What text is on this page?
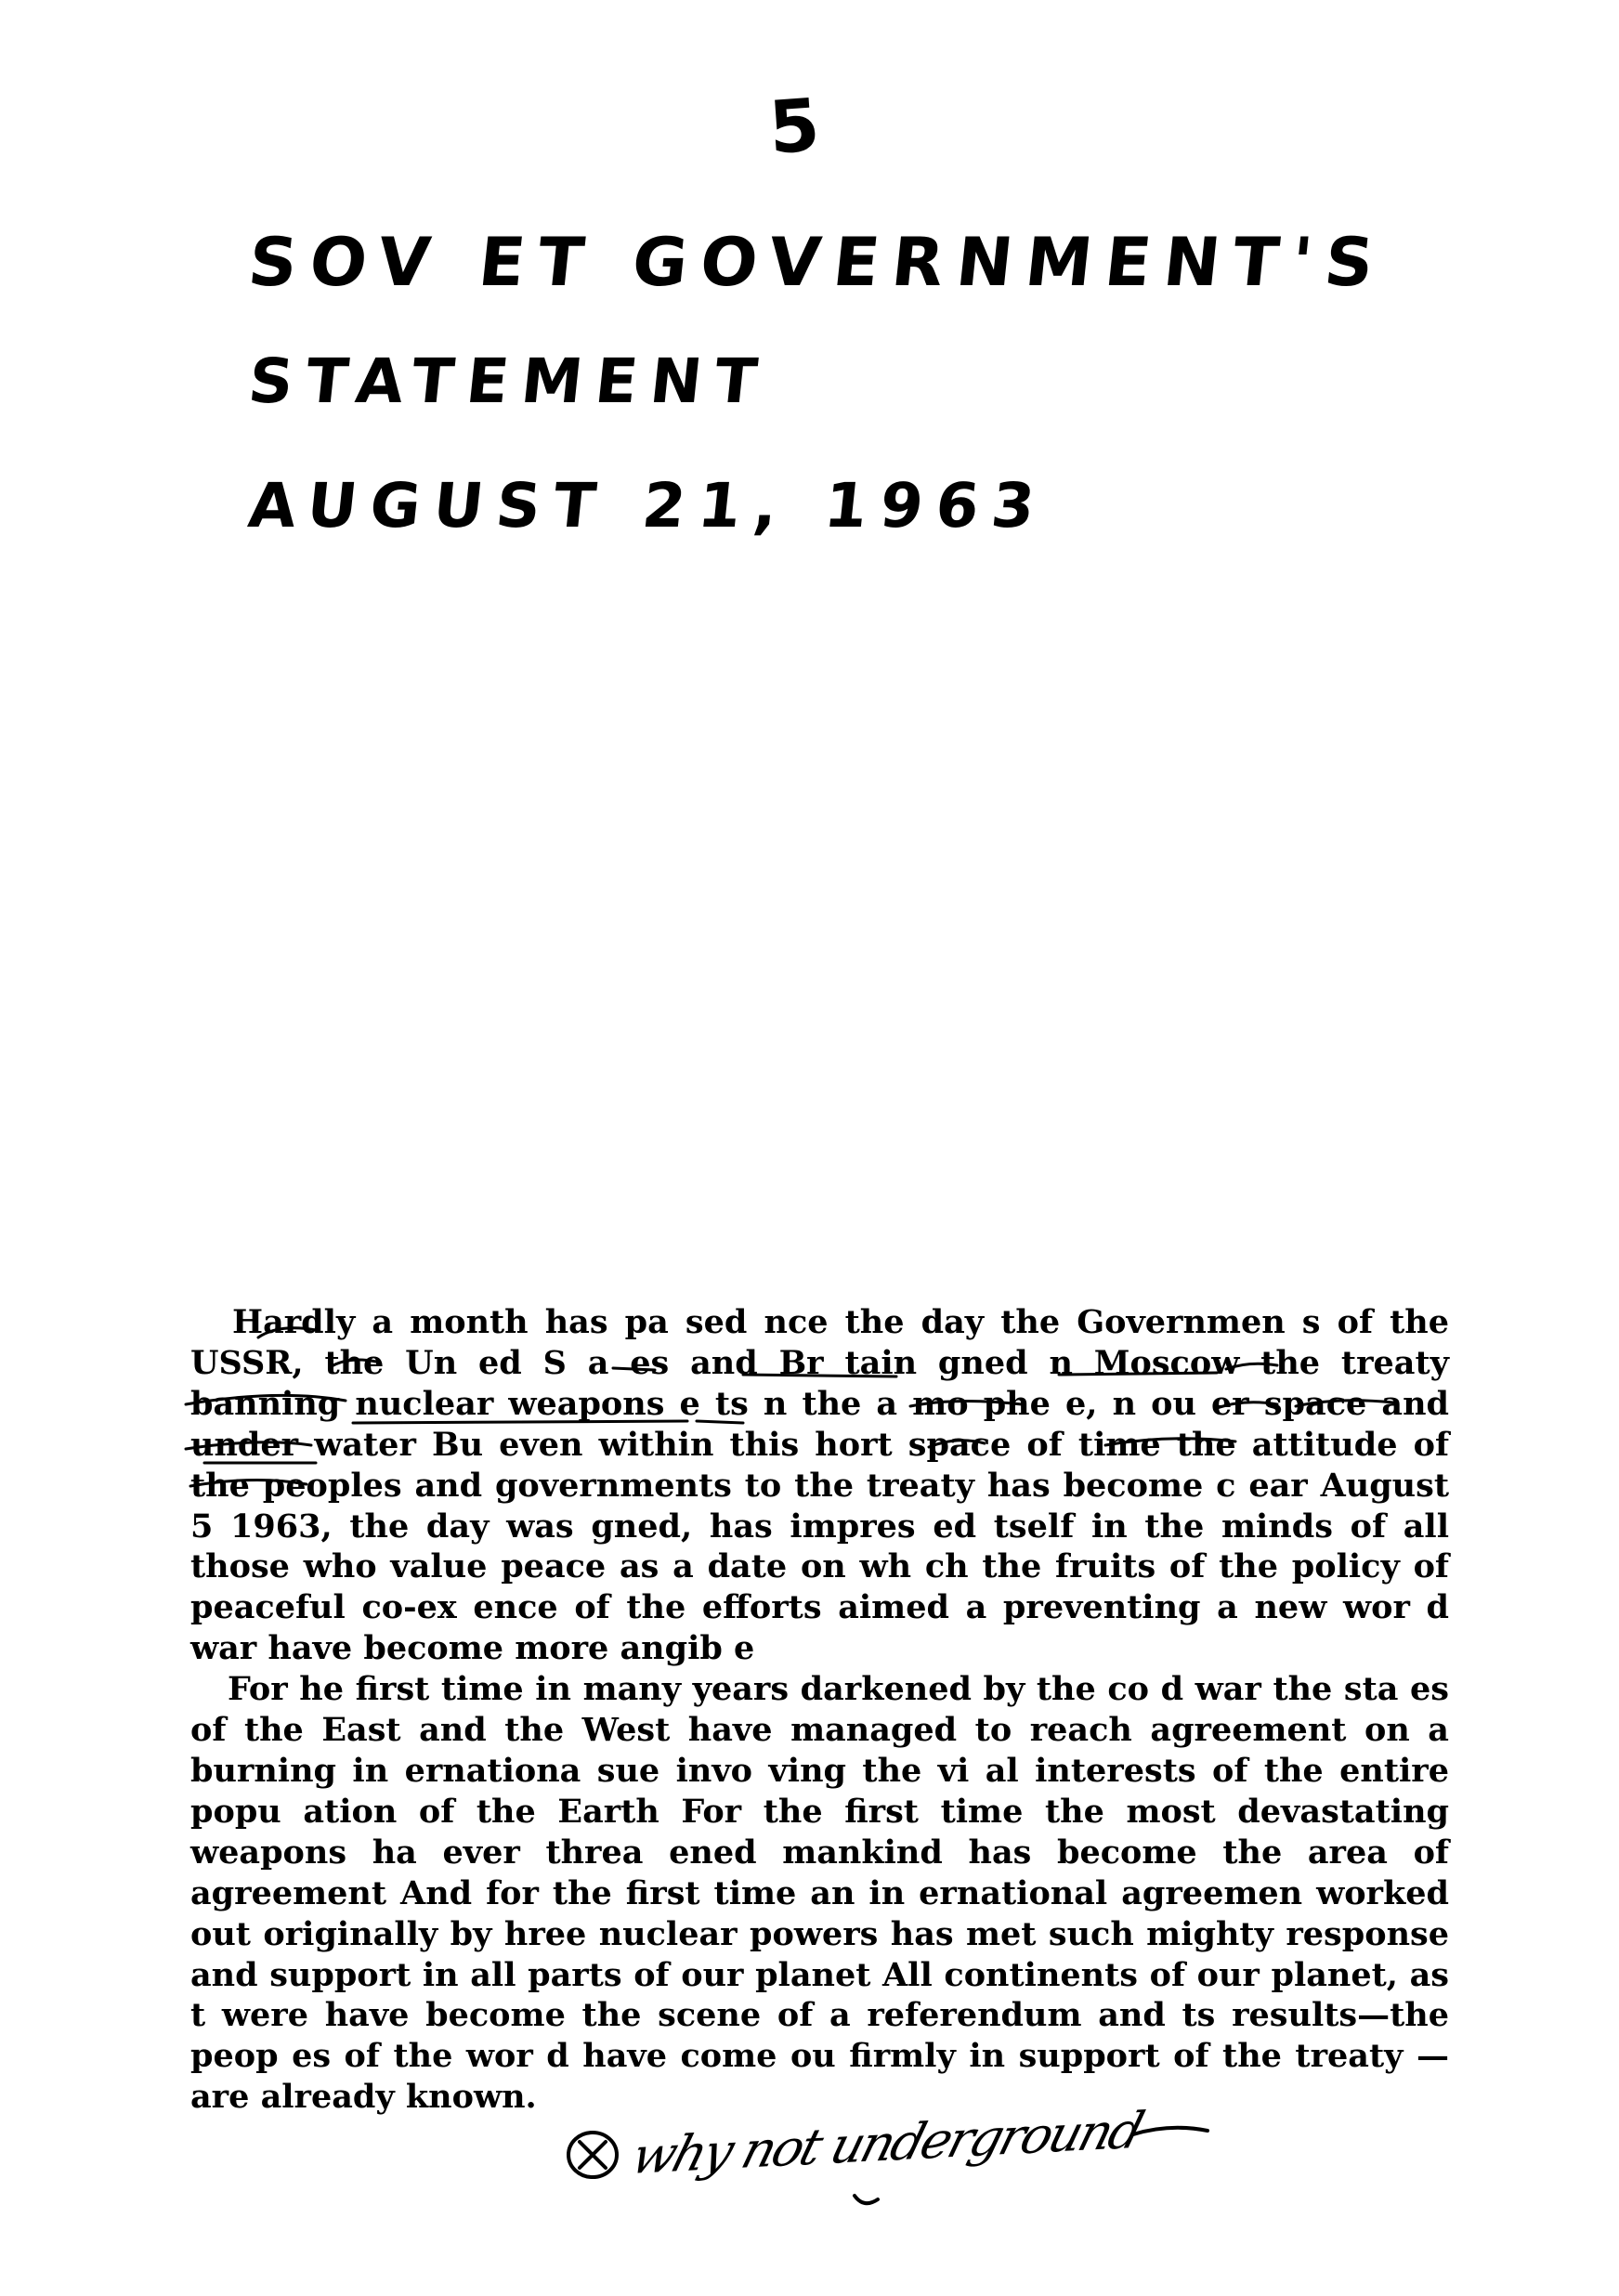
5
SOV ET GOVERNMENT'S
STATEMENT
AUGUST 21, 1963

Hardly a month has pa sed nce the day the Governmen s of the USSR, the Un ed S a es and Br tain gned n Moscow the treaty banning nuclear weapons e ts n the a mo phe e, n ou er space and under water Bu even within this hort space of time the attitude of the peoples and governments to the treaty has become c ear August 5 1963, the day was gned, has impres ed tself in the minds of all those who value peace as a date on wh ch the fruits of the policy of peaceful co-ex ence of the efforts aimed a preventing a new wor d war have become more angib e

For he first time in many years darkened by the co d war the sta es of the East and the West have managed to reach agreement on a burning in ernationa sue invo ving the vi al interests of the entire popu ation of the Earth For the first time the most devastating weapons ha ever threa ened mankind has become the area of agreement And for the first time an in ernational agreemen worked out originally by hree nuclear powers has met such mighty response and support in all parts of our planet All continents of our planet, as t were have become the scene of a referendum and ts results—the peop es of the wor d have come ou firmly in support of the treaty —are already known.

why not underground
